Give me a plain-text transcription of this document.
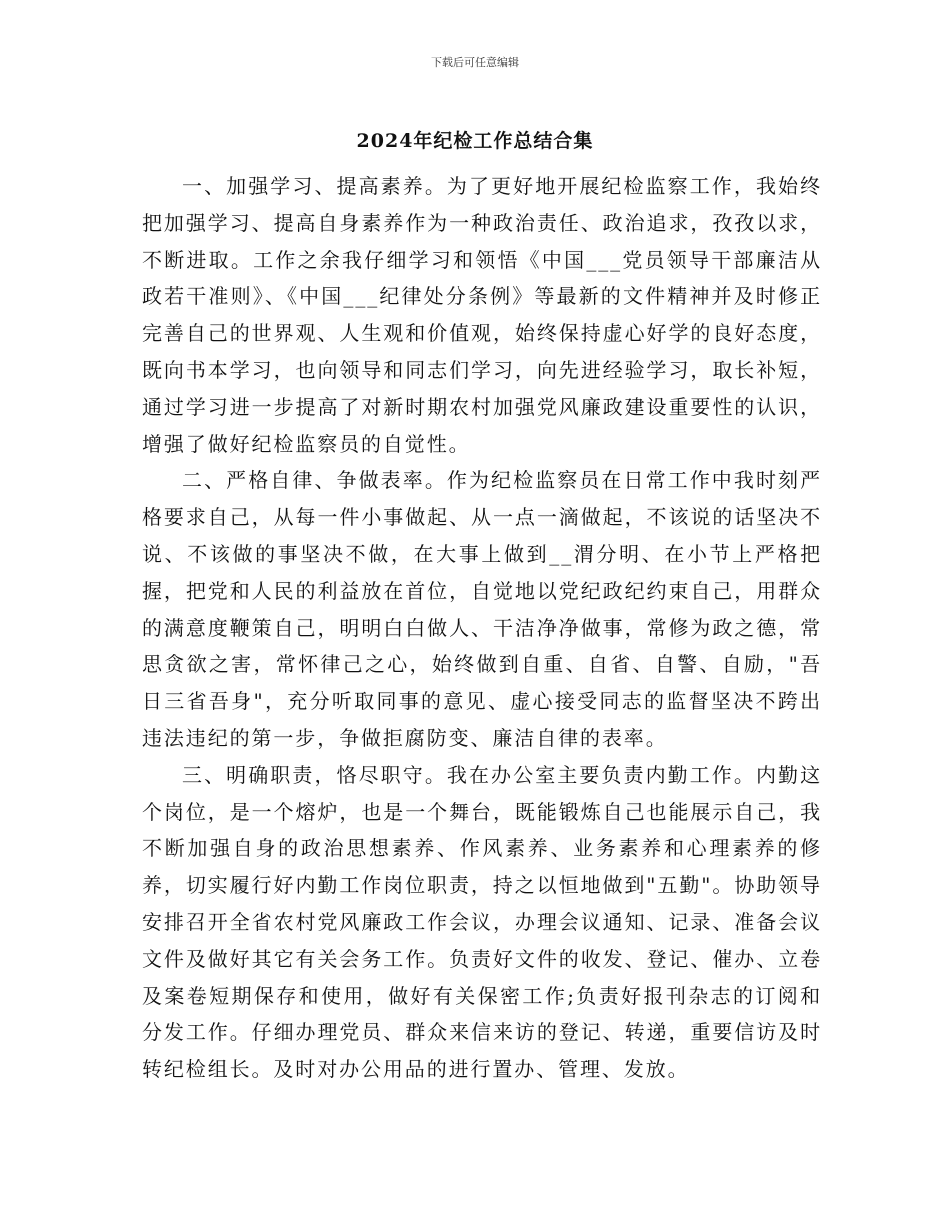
下载后可任意编辑
2024年纪检工作总结合集

一、加强学习、提高素养。为了更好地开展纪检监察工作，我始终把加强学习、提高自身素养作为一种政治责任、政治追求，孜孜以求，不断进取。工作之余我仔细学习和领悟《中国___党员领导干部廉洁从政若干准则》、《中国___纪律处分条例》等最新的文件精神并及时修正完善自己的世界观、人生观和价值观，始终保持虚心好学的良好态度，既向书本学习，也向领导和同志们学习，向先进经验学习，取长补短，通过学习进一步提高了对新时期农村加强党风廉政建设重要性的认识，增强了做好纪检监察员的自觉性。

二、严格自律、争做表率。作为纪检监察员在日常工作中我时刻严格要求自己，从每一件小事做起、从一点一滴做起，不该说的话坚决不说、不该做的事坚决不做，在大事上做到__渭分明、在小节上严格把握，把党和人民的利益放在首位，自觉地以党纪政纪约束自己，用群众的满意度鞭策自己，明明白白做人、干洁净净做事，常修为政之德，常思贪欲之害，常怀律己之心，始终做到自重、自省、自警、自励，"吾日三省吾身"，充分听取同事的意见、虚心接受同志的监督坚决不跨出违法违纪的第一步，争做拒腐防变、廉洁自律的表率。

三、明确职责，恪尽职守。我在办公室主要负责内勤工作。内勤这个岗位，是一个熔炉，也是一个舞台，既能锻炼自己也能展示自己，我不断加强自身的政治思想素养、作风素养、业务素养和心理素养的修养，切实履行好内勤工作岗位职责，持之以恒地做到"五勤"。协助领导安排召开全省农村党风廉政工作会议，办理会议通知、记录、准备会议文件及做好其它有关会务工作。负责好文件的收发、登记、催办、立卷及案卷短期保存和使用，做好有关保密工作;负责好报刊杂志的订阅和分发工作。仔细办理党员、群众来信来访的登记、转递，重要信访及时转纪检组长。及时对办公用品的进行置办、管理、发放。
